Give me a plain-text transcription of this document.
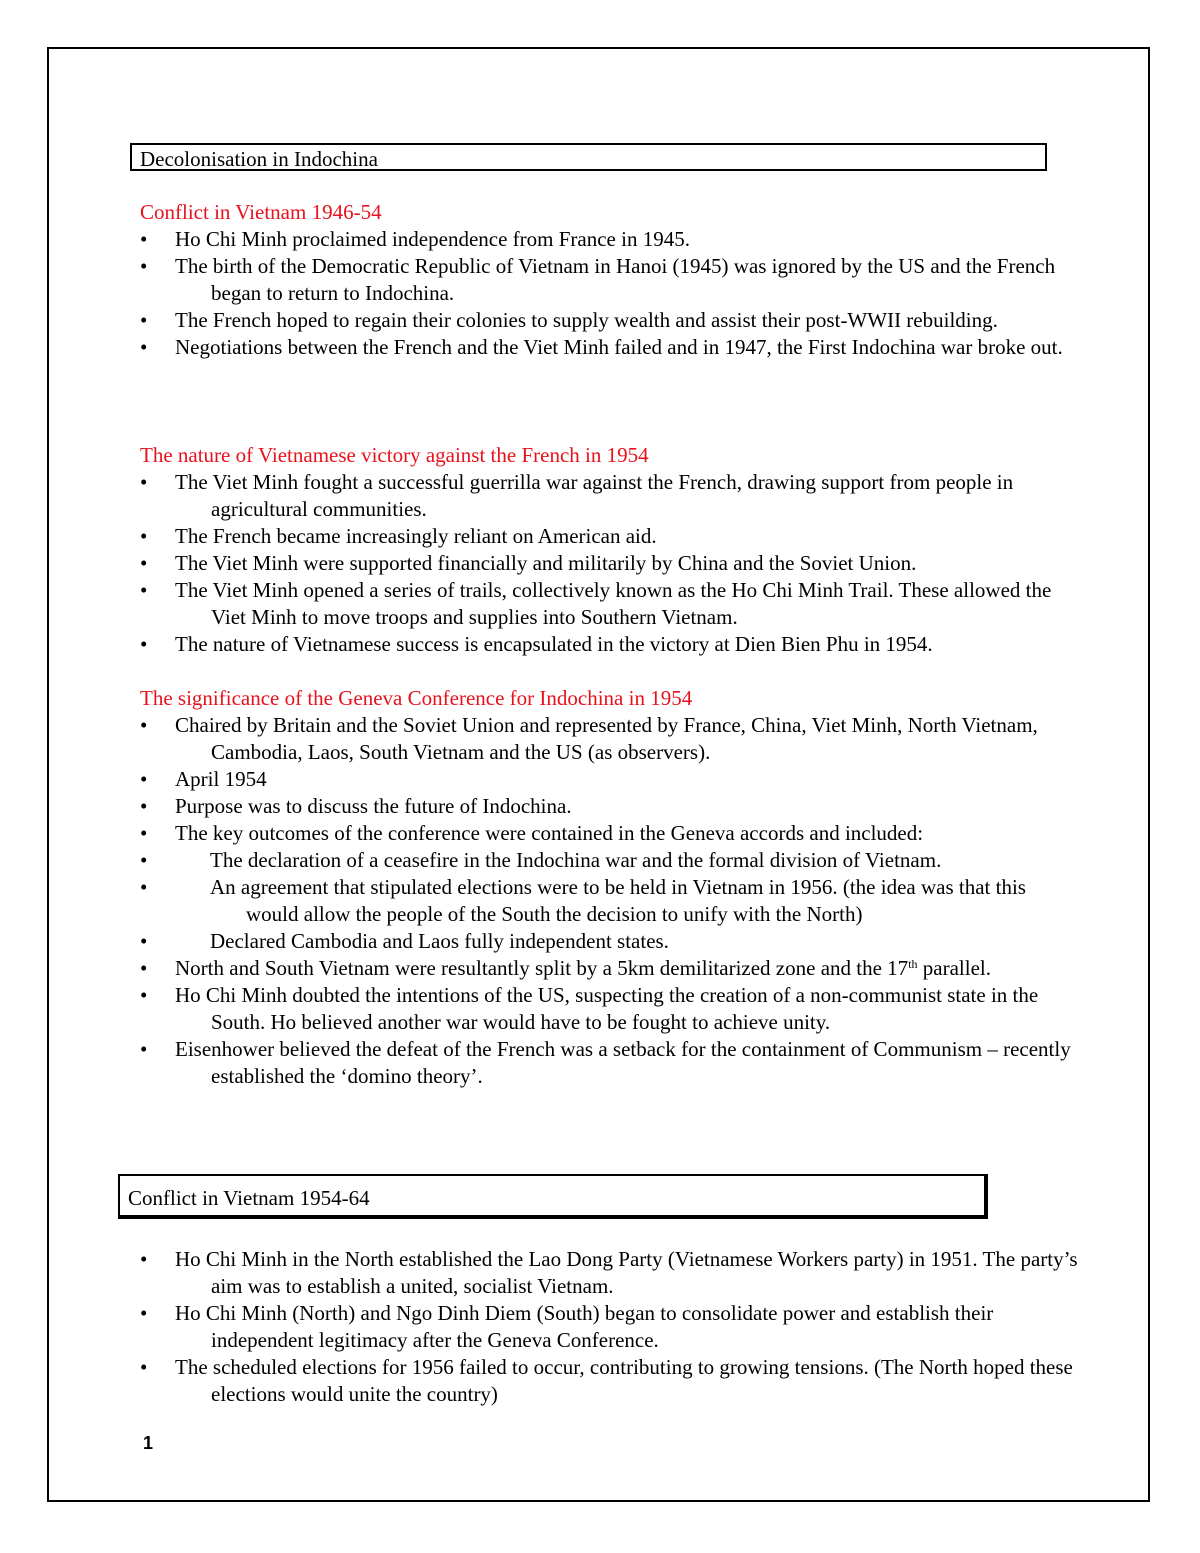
Decolonisation in Indochina
Conflict in Vietnam 1946-54
•	Ho Chi Minh proclaimed independence from France in 1945.
•	The birth of the Democratic Republic of Vietnam in Hanoi (1945) was ignored by the US and the French began to return to Indochina.
•	The French hoped to regain their colonies to supply wealth and assist their post-WWII rebuilding.
•	Negotiations between the French and the Viet Minh failed and in 1947, the First Indochina war broke out.
The nature of Vietnamese victory against the French in 1954
•	The Viet Minh fought a successful guerrilla war against the French, drawing support from people in agricultural communities.
•	The French became increasingly reliant on American aid.
•	The Viet Minh were supported financially and militarily by China and the Soviet Union.
•	The Viet Minh opened a series of trails, collectively known as the Ho Chi Minh Trail. These allowed the Viet Minh to move troops and supplies into Southern Vietnam.
•	The nature of Vietnamese success is encapsulated in the victory at Dien Bien Phu in 1954.
The significance of the Geneva Conference for Indochina in 1954
•	Chaired by Britain and the Soviet Union and represented by France, China, Viet Minh, North Vietnam, Cambodia, Laos, South Vietnam and the US (as observers).
•	April 1954
•	Purpose was to discuss the future of Indochina.
•	The key outcomes of the conference were contained in the Geneva accords and included:
•	The declaration of a ceasefire in the Indochina war and the formal division of Vietnam.
•	An agreement that stipulated elections were to be held in Vietnam in 1956. (the idea was that this would allow the people of the South the decision to unify with the North)
•	Declared Cambodia and Laos fully independent states.
•	North and South Vietnam were resultantly split by a 5km demilitarized zone and the 17th parallel.
•	Ho Chi Minh doubted the intentions of the US, suspecting the creation of a non-communist state in the South. Ho believed another war would have to be fought to achieve unity.
•	Eisenhower believed the defeat of the French was a setback for the containment of Communism – recently established the ‘domino theory’.
Conflict in Vietnam 1954-64
•	Ho Chi Minh in the North established the Lao Dong Party (Vietnamese Workers party) in 1951. The party’s aim was to establish a united, socialist Vietnam.
•	Ho Chi Minh (North) and Ngo Dinh Diem (South) began to consolidate power and establish their independent legitimacy after the Geneva Conference.
•	The scheduled elections for 1956 failed to occur, contributing to growing tensions. (The North hoped these elections would unite the country)
1
